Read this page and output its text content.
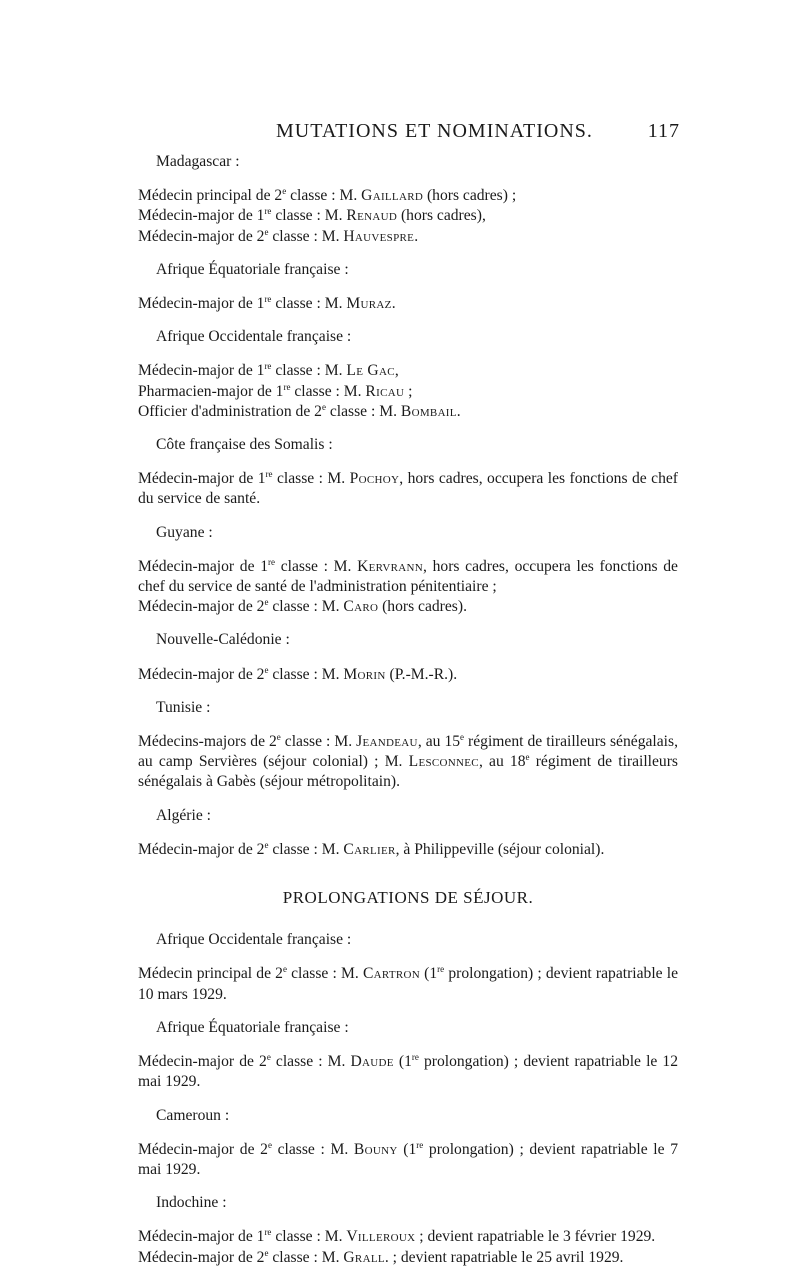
MUTATIONS ET NOMINATIONS.	117

Madagascar :

Médecin principal de 2e classe : M. Gaillard (hors cadres) ;

Médecin-major de 1re classe : M. Renaud (hors cadres),

Médecin-major de 2e classe : M. Hauvespre.

Afrique Équatoriale française :

Médecin-major de 1re classe : M. Muraz.

Afrique Occidentale française :

Médecin-major de 1re classe : M. Le Gac,

Pharmacien-major de 1re classe : M. Ricau ;

Officier d'administration de 2e classe : M. Bombail.

Côte française des Somalis :

Médecin-major de 1re classe : M. Pochoy, hors cadres, occupera les fonctions de chef du service de santé.

Guyane :

Médecin-major de 1re classe : M. Kervrann, hors cadres, occupera les fonctions de chef du service de santé de l'administration pénitentiaire ;

Médecin-major de 2e classe : M. Caro (hors cadres).

Nouvelle-Calédonie :

Médecin-major de 2e classe : M. Morin (P.-M.-R.).

Tunisie :

Médecins-majors de 2e classe : M. Jeandeau, au 15e régiment de tirailleurs sénégalais, au camp Servières (séjour colonial) ; M. Lesconnec, au 18e régiment de tirailleurs sénégalais à Gabès (séjour métropolitain).

Algérie :

Médecin-major de 2e classe : M. Carlier, à Philippeville (séjour colonial).

PROLONGATIONS DE SÉJOUR.

Afrique Occidentale française :

Médecin principal de 2e classe : M. Cartron (1re prolongation) ; devient rapatriable le 10 mars 1929.

Afrique Équatoriale française :

Médecin-major de 2e classe : M. Daude (1re prolongation) ; devient rapatriable le 12 mai 1929.

Cameroun :

Médecin-major de 2e classe : M. Bouny (1re prolongation) ; devient rapatriable le 7 mai 1929.

Indochine :

Médecin-major de 1re classe : M. Villeroux ; devient rapatriable le 3 février 1929.

Médecin-major de 2e classe : M. Grall. ; devient rapatriable le 25 avril 1929.
